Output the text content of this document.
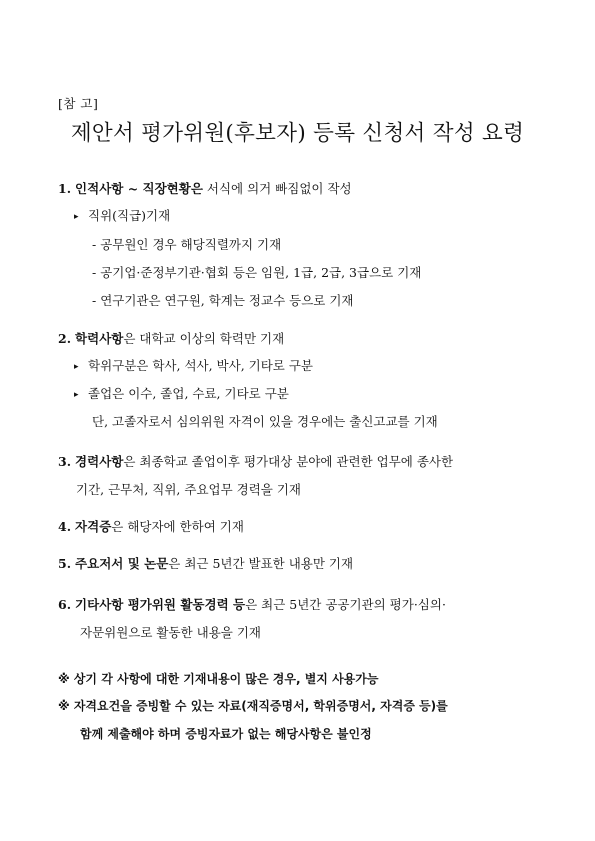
[참 고]
제안서 평가위원(후보자) 등록 신청서 작성 요령
1. 인적사항 ~ 직장현황은 서식에 의거 빠짐없이 작성
▸ 직위(직급)기재
- 공무원인 경우 해당직렬까지 기재
- 공기업·준정부기관·협회 등은 임원, 1급, 2급, 3급으로 기재
- 연구기관은 연구원, 학계는 정교수 등으로 기재
2. 학력사항은 대학교 이상의 학력만 기재
▸ 학위구분은 학사, 석사, 박사, 기타로 구분
▸ 졸업은 이수, 졸업, 수료, 기타로 구분
단, 고졸자로서 심의위원 자격이 있을 경우에는 출신고교를 기재
3. 경력사항은 최종학교 졸업이후 평가대상 분야에 관련한 업무에 종사한
기간, 근무처, 직위, 주요업무 경력을 기재
4. 자격증은 해당자에 한하여 기재
5. 주요저서 및 논문은 최근 5년간 발표한 내용만 기재
6. 기타사항 평가위원 활동경력 등은 최근 5년간 공공기관의 평가·심의·
자문위원으로 활동한 내용을 기재
※ 상기 각 사항에 대한 기재내용이 많은 경우, 별지 사용가능
※ 자격요건을 증빙할 수 있는 자료(재직증명서, 학위증명서, 자격증 등)를
함께 제출해야 하며 증빙자료가 없는 해당사항은 불인정
